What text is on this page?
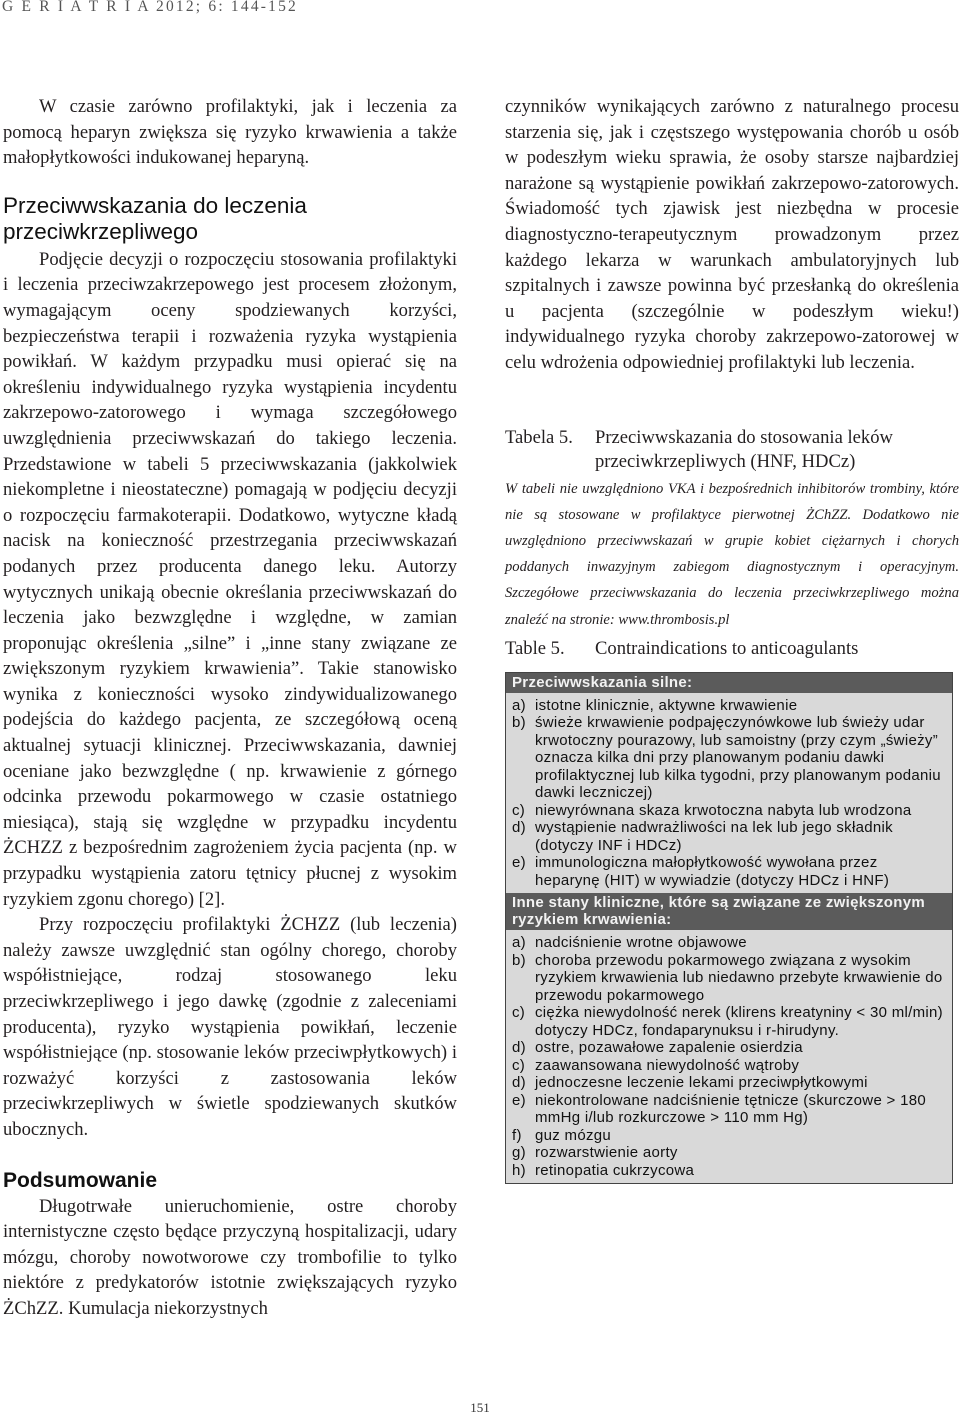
G E R I A T R I A 2012; 6: 144-152

W czasie zarówno profilaktyki, jak i leczenia za pomocą heparyn zwiększa się ryzyko krwawienia a także małopłytkowości indukowanej heparyną.

Przeciwwskazania do leczenia przeciwkrzepliwego

Podjęcie decyzji o rozpoczęciu stosowania profilaktyki i leczenia przeciwzakrzepowego jest procesem złożonym, wymagającym oceny spodziewanych korzyści, bezpieczeństwa terapii i rozważenia ryzyka wystąpienia powikłań. W każdym przypadku musi opierać się na określeniu indywidualnego ryzyka wystąpienia incydentu zakrzepowo-zatorowego i wymaga szczegółowego uwzględnienia przeciwwskazań do takiego leczenia. Przedstawione w tabeli 5 przeciwwskazania (jakkolwiek niekompletne i nieostateczne) pomagają w podjęciu decyzji o rozpoczęciu farmakoterapii. Dodatkowo, wytyczne kładą nacisk na konieczność przestrzegania przeciwwskazań podanych przez producenta danego leku. Autorzy wytycznych unikają obecnie określania przeciwwskazań do leczenia jako bezwzględne i względne, w zamian proponując określenia „silne” i „inne stany związane ze zwiększonym ryzykiem krwawienia”. Takie stanowisko wynika z konieczności wysoko zindywidualizowanego podejścia do każdego pacjenta, ze szczegółową oceną aktualnej sytuacji klinicznej. Przeciwwskazania, dawniej oceniane jako bezwzględne ( np. krwawienie z górnego odcinka przewodu pokarmowego w czasie ostatniego miesiąca), stają się względne w przypadku incydentu ŻCHZZ z bezpośrednim zagrożeniem życia pacjenta (np. w przypadku wystąpienia zatoru tętnicy płucnej z wysokim ryzykiem zgonu chorego) [2].

Przy rozpoczęciu profilaktyki ŻCHZZ (lub leczenia) należy zawsze uwzględnić stan ogólny chorego, choroby współistniejące, rodzaj stosowanego leku przeciwkrzepliwego i jego dawkę (zgodnie z zaleceniami producenta), ryzyko wystąpienia powikłań, leczenie współistniejące (np. stosowanie leków przeciwpłytkowych) i rozważyć korzyści z zastosowania leków przeciwkrzepliwych w świetle spodziewanych skutków ubocznych.

Podsumowanie

Długotrwałe unieruchomienie, ostre choroby internistyczne często będące przyczyną hospitalizacji, udary mózgu, choroby nowotworowe czy trombofilie to tylko niektóre z predykatorów istotnie zwiększających ryzyko ŻChZZ. Kumulacja niekorzystnych

czynników wynikających zarówno z naturalnego procesu starzenia się, jak i częstszego występowania chorób u osób w podeszłym wieku sprawia, że osoby starsze najbardziej narażone są wystąpienie powikłań zakrzepowo-zatorowych. Świadomość tych zjawisk jest niezbędna w procesie diagnostyczno-terapeutycznym prowadzonym przez każdego lekarza w warunkach ambulatoryjnych lub szpitalnych i zawsze powinna być przesłanką do określenia u pacjenta (szczególnie w podeszłym wieku!) indywidualnego ryzyka choroby zakrzepowo-zatorowej w celu wdrożenia odpowiedniej profilaktyki lub leczenia.

Tabela 5.	Przeciwwskazania do stosowania leków przeciwkrzepliwych (HNF, HDCz)

W tabeli nie uwzględniono VKA i bezpośrednich inhibitorów trombiny, które nie są stosowane w profilaktyce pierwotnej ŻChZZ. Dodatkowo nie uwzględniono przeciwwskazań w grupie kobiet ciężarnych i chorych poddanych inwazyjnym zabiegom diagnostycznym i operacyjnym. Szczegółowe przeciwwskazania do leczenia przeciwkrzepliwego można znaleźć na stronie: www.thrombosis.pl

Table 5.	Contraindications to anticoagulants
Przeciwwskazania silne:
a) istotne klinicznie, aktywne krwawienie
b) świeże krwawienie podpajęczynówkowe lub świeży udar krwotoczny pourazowy, lub samoistny (przy czym „świeży” oznacza kilka dni przy planowanym podaniu dawki profilaktycznej lub kilka tygodni, przy planowanym podaniu dawki leczniczej)
c) niewyrównana skaza krwotoczna nabyta lub wrodzona
d) wystąpienie nadwrażliwości na lek lub jego składnik (dotyczy INF i HDCz)
e) immunologiczna małopłytkowość wywołana przez heparynę (HIT) w wywiadzie (dotyczy HDCz i HNF)
Inne stany kliniczne, które są związane ze zwiększonym ryzykiem krwawienia:
a) nadciśnienie wrotne objawowe
b) choroba przewodu pokarmowego związana z wysokim ryzykiem krwawienia lub niedawno przebyte krwawienie do przewodu pokarmowego
c) ciężka niewydolność nerek (klirens kreatyniny < 30 ml/min) dotyczy HDCz, fondaparynuksu i r-hirudyny.
d) ostre, pozawałowe zapalenie osierdzia
c) zaawansowana niewydolność wątroby
d) jednoczesne leczenie lekami przeciwpłytkowymi
e) niekontrolowane nadciśnienie tętnicze (skurczowe > 180 mmHg i/lub rozkurczowe > 110 mm Hg)
f) guz mózgu
g) rozwarstwienie aorty
h) retinopatia cukrzycowa
151
